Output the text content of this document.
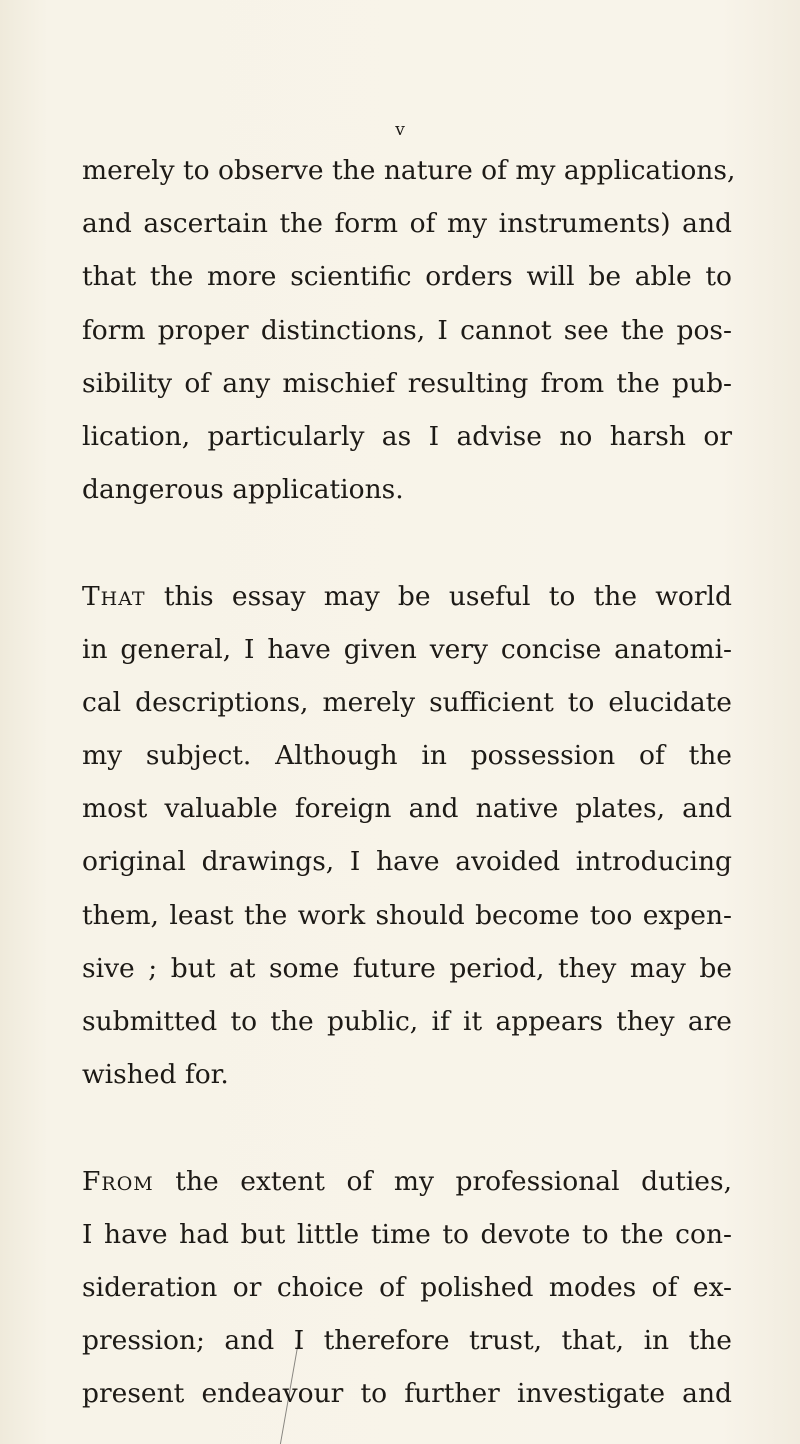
v
merely to observe the nature of my applications,
and ascertain the form of my instruments) and
that the more scientific orders will be able to
form proper distinctions, I cannot see the pos-
sibility of any mischief resulting from the pub-
lication, particularly as I advise no harsh or
dangerous applications.
That this essay may be useful to the world
in general, I have given very concise anatomi-
cal descriptions, merely sufficient to elucidate
my subject. Although in possession of the
most valuable foreign and native plates, and
original drawings, I have avoided introducing
them, least the work should become too expen-
sive ; but at some future period, they may be
submitted to the public, if it appears they are
wished for.
From the extent of my professional duties,
I have had but little time to devote to the con-
sideration or choice of polished modes of ex-
pression; and I therefore trust, that, in the
present endeavour to further investigate and
